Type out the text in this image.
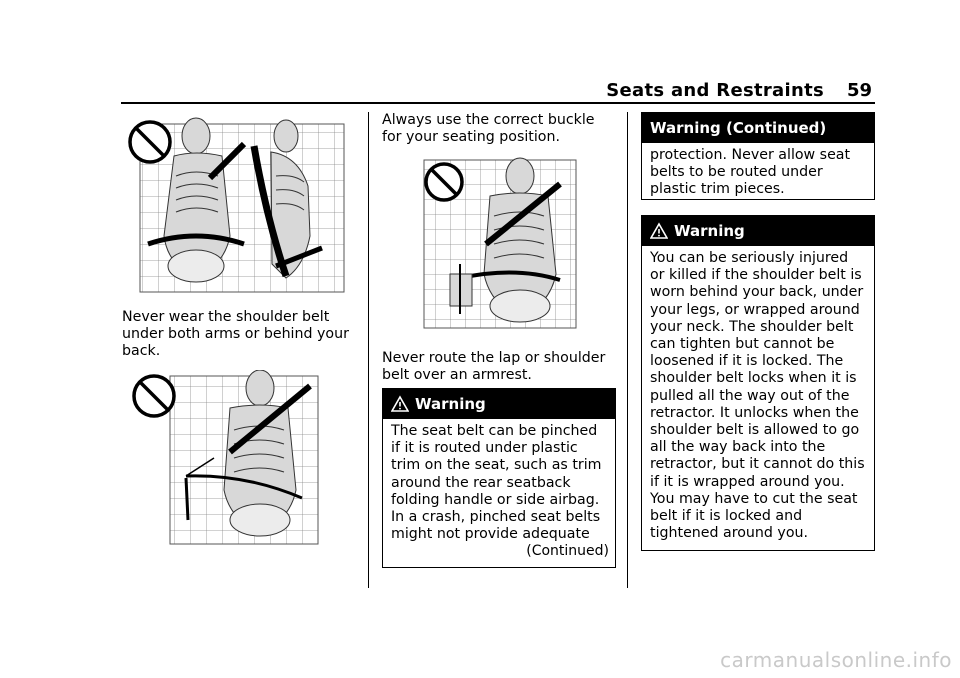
Seats and Restraints 59
Never wear the shoulder belt under both arms or behind your back.
Always use the correct buckle for your seating position.
Never route the lap or shoulder belt over an armrest.
Warning
The seat belt can be pinched if it is routed under plastic trim on the seat, such as trim around the rear seatback folding handle or side airbag. In a crash, pinched seat belts might not provide adequate
(Continued)
Warning (Continued)
protection. Never allow seat belts to be routed under plastic trim pieces.
Warning
You can be seriously injured or killed if the shoulder belt is worn behind your back, under your legs, or wrapped around your neck. The shoulder belt can tighten but cannot be loosened if it is locked. The shoulder belt locks when it is pulled all the way out of the retractor. It unlocks when the shoulder belt is allowed to go all the way back into the retractor, but it cannot do this if it is wrapped around you. You may have to cut the seat belt if it is locked and tightened around you.
carmanualsonline.info
